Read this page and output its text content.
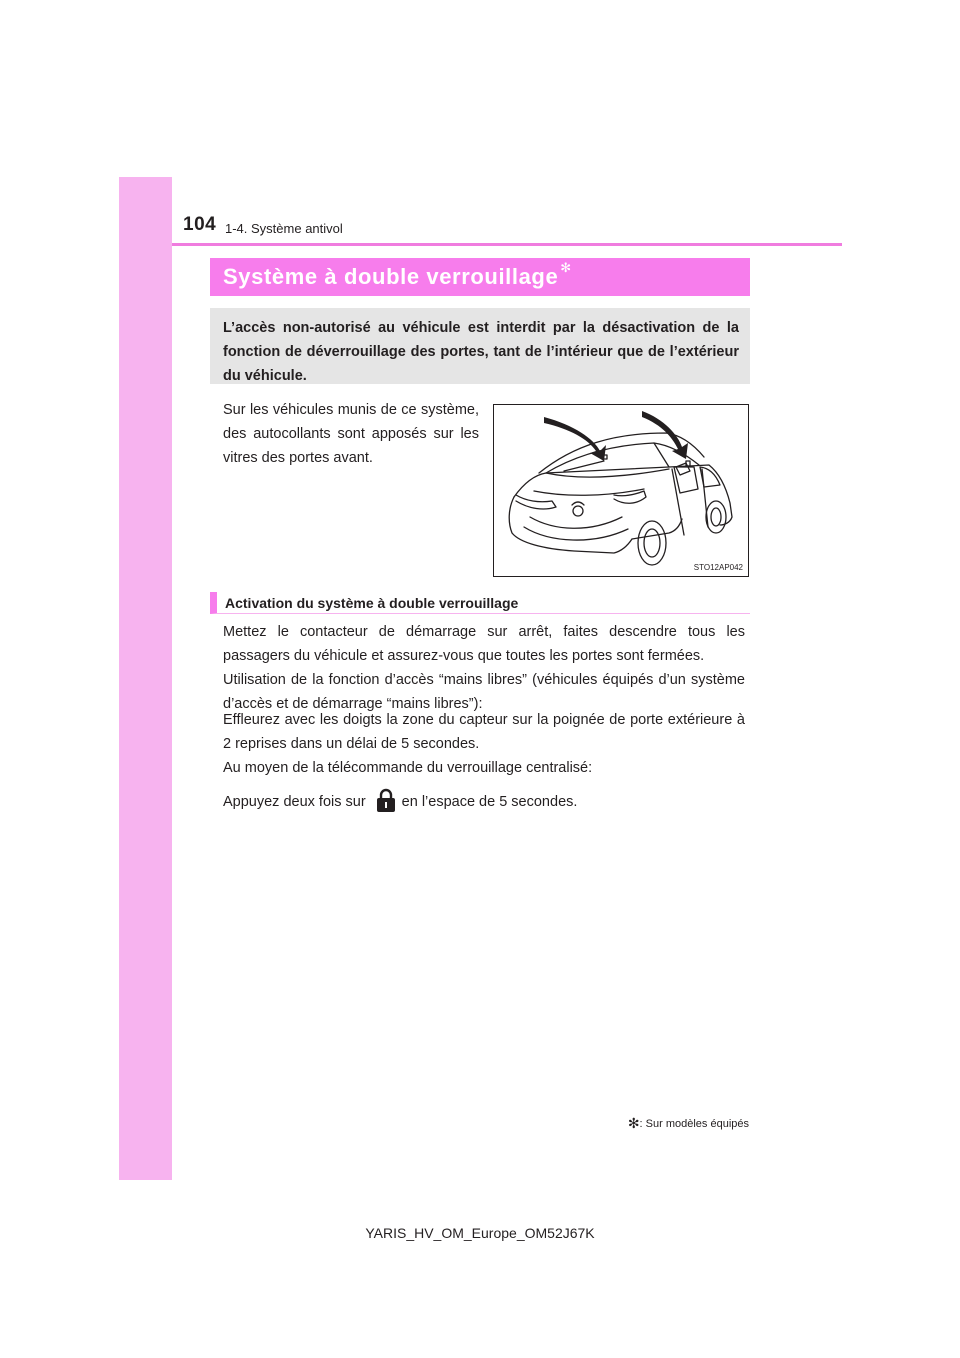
104 1-4. Système antivol
Système à double verrouillage ✻
L’accès non-autorisé au véhicule est interdit par la désactivation de la fonction de déverrouillage des portes, tant de l’intérieur que de l’extérieur du véhicule.

Sur les véhicules munis de ce système, des autocollants sont apposés sur les vitres des portes avant.

STO12AP042
Activation du système à double verrouillage

Mettez le contacteur de démarrage sur arrêt, faites descendre tous les passagers du véhicule et assurez-vous que toutes les portes sont fermées.

Utilisation de la fonction d’accès “mains libres” (véhicules équipés d’un système d’accès et de démarrage “mains libres”):

Effleurez avec les doigts la zone du capteur sur la poignée de porte extérieure à 2 reprises dans un délai de 5 secondes.

Au moyen de la télécommande du verrouillage centralisé:

Appuyez deux fois sur en l’espace de 5 secondes.

✻: Sur modèles équipés
YARIS_HV_OM_Europe_OM52J67K
